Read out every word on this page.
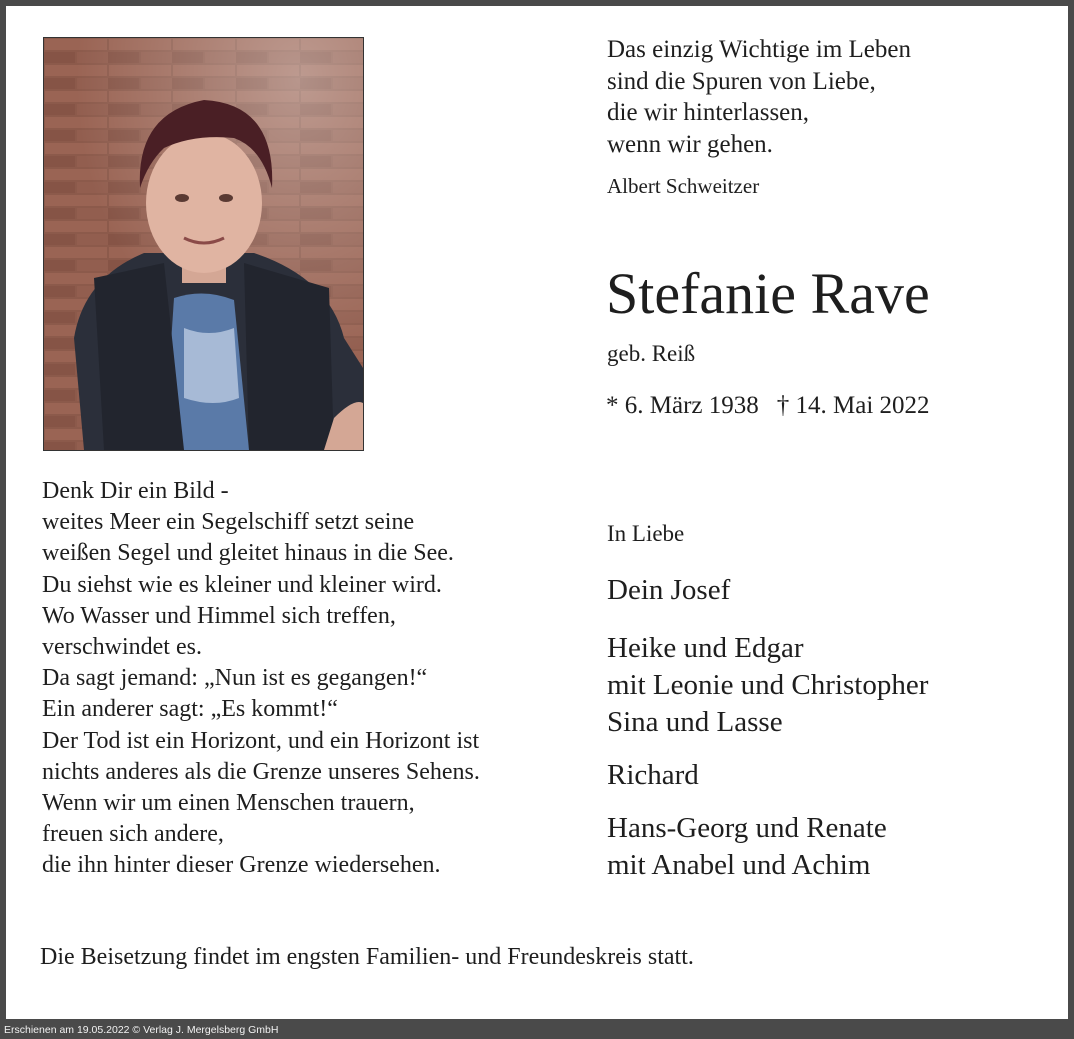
Das einzig Wichtige im Leben
sind die Spuren von Liebe,
die wir hinterlassen,
wenn wir gehen.
Albert Schweitzer
Stefanie Rave
geb. Reiß
* 6. März 1938 † 14. Mai 2022
Denk Dir ein Bild -
weites Meer ein Segelschiff setzt seine
weißen Segel und gleitet hinaus in die See.
Du siehst wie es kleiner und kleiner wird.
Wo Wasser und Himmel sich treffen,
verschwindet es.
Da sagt jemand: „Nun ist es gegangen!“
Ein anderer sagt: „Es kommt!“
Der Tod ist ein Horizont, und ein Horizont ist
nichts anderes als die Grenze unseres Sehens.
Wenn wir um einen Menschen trauern,
freuen sich andere,
die ihn hinter dieser Grenze wiedersehen.
In Liebe
Dein Josef
Heike und Edgar
mit Leonie und Christopher
Sina und Lasse
Richard
Hans-Georg und Renate
mit Anabel und Achim
Die Beisetzung findet im engsten Familien- und Freundeskreis statt.
Erschienen am 19.05.2022 © Verlag J. Mergelsberg GmbH
